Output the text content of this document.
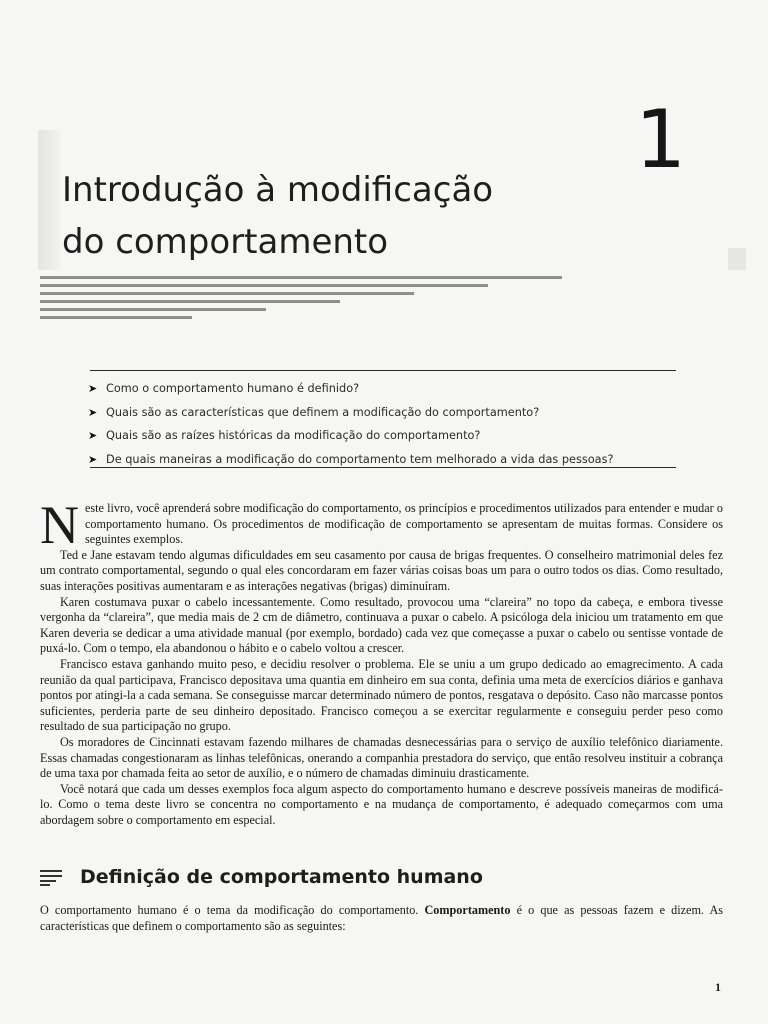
1
Introdução à modificação
do comportamento
➤ Como o comportamento humano é definido?
➤ Quais são as características que definem a modificação do comportamento?
➤ Quais são as raízes históricas da modificação do comportamento?
➤ De quais maneiras a modificação do comportamento tem melhorado a vida das pessoas?

Neste livro, você aprenderá sobre modificação do comportamento, os princípios e procedimentos utilizados para entender e mudar o comportamento humano. Os procedimentos de modificação de comportamento se apresentam de muitas formas. Considere os seguintes exemplos.

Ted e Jane estavam tendo algumas dificuldades em seu casamento por causa de brigas frequentes. O conselheiro matrimonial deles fez um contrato comportamental, segundo o qual eles concordaram em fazer várias coisas boas um para o outro todos os dias. Como resultado, suas interações positivas aumentaram e as interações negativas (brigas) diminuíram.

Karen costumava puxar o cabelo incessantemente. Como resultado, provocou uma “clareira” no topo da cabeça, e embora tivesse vergonha da “clareira”, que media mais de 2 cm de diâmetro, continuava a puxar o cabelo. A psicóloga dela iniciou um tratamento em que Karen deveria se dedicar a uma atividade manual (por exemplo, bordado) cada vez que começasse a puxar o cabelo ou sentisse vontade de puxá-lo. Com o tempo, ela abandonou o hábito e o cabelo voltou a crescer.

Francisco estava ganhando muito peso, e decidiu resolver o problema. Ele se uniu a um grupo dedicado ao emagrecimento. A cada reunião da qual participava, Francisco depositava uma quantia em dinheiro em sua conta, definia uma meta de exercícios diários e ganhava pontos por atingi-la a cada semana. Se conseguisse marcar determinado número de pontos, resgatava o depósito. Caso não marcasse pontos suficientes, perderia parte de seu dinheiro depositado. Francisco começou a se exercitar regularmente e conseguiu perder peso como resultado de sua participação no grupo.

Os moradores de Cincinnati estavam fazendo milhares de chamadas desnecessárias para o serviço de auxílio telefônico diariamente. Essas chamadas congestionaram as linhas telefônicas, onerando a companhia prestadora do serviço, que então resolveu instituir a cobrança de uma taxa por chamada feita ao setor de auxílio, e o número de chamadas diminuiu drasticamente.

Você notará que cada um desses exemplos foca algum aspecto do comportamento humano e descreve possíveis maneiras de modificá-lo. Como o tema deste livro se concentra no comportamento e na mudança de comportamento, é adequado começarmos com uma abordagem sobre o comportamento em especial.

Definição de comportamento humano

O comportamento humano é o tema da modificação do comportamento. Comportamento é o que as pessoas fazem e dizem. As características que definem o comportamento são as seguintes:

1
